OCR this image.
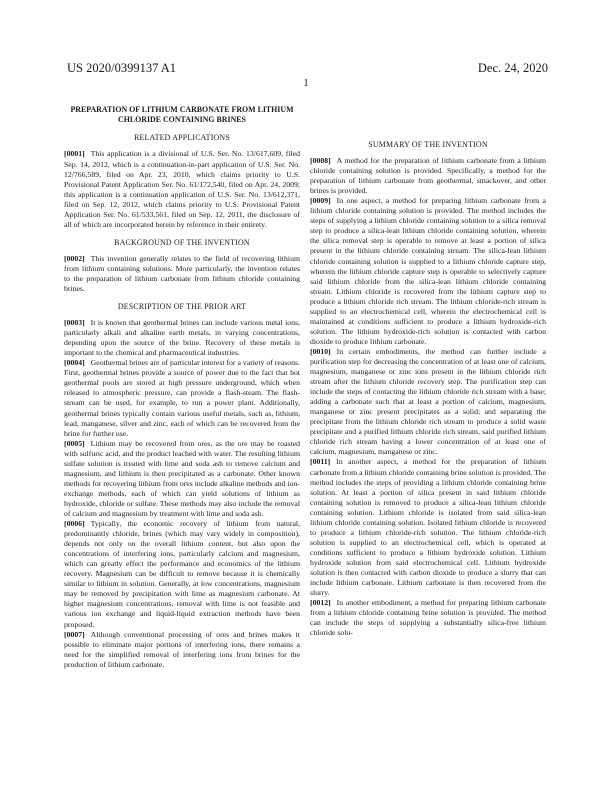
US 2020/0399137 A1	Dec. 24, 2020
1

PREPARATION OF LITHIUM CARBONATE FROM LITHIUM CHLORIDE CONTAINING BRINES

RELATED APPLICATIONS

[0001] This application is a divisional of U.S. Ser. No. 13/617,609, filed Sep. 14, 2012, which is a continuation-in-part application of U.S. Ser. No. 12/766,589, filed on Apr. 23, 2010, which claims priority to U.S. Provisional Patent Application Ser. No. 61/172,540, filed on Apr. 24, 2009; this application is a continuation application of U.S. Ser. No. 13/612,371, filed on Sep. 12, 2012, which claims priority to U.S. Provisional Patent Application Ser. No. 61/533,561, filed on Sep. 12, 2011, the disclosure of all of which are incorporated herein by reference in their entirety.

BACKGROUND OF THE INVENTION

[0002] This invention generally relates to the field of recovering lithium from lithium containing solutions. More particularly, the invention relates to the preparation of lithium carbonate from lithium chloride containing brines.

DESCRIPTION OF THE PRIOR ART

[0003] It is known that geothermal brines can include various metal ions, particularly alkali and alkaline earth metals, in varying concentrations, depending upon the source of the brine. Recovery of these metals is important to the chemical and pharmaceutical industries.

[0004] Geothermal brines are of particular interest for a variety of reasons. First, geothermal brines provide a source of power due to the fact that hot geothermal pools are stored at high pressure underground, which when released to atmospheric pressure, can provide a flash-steam. The flash-stream can be used, for example, to run a power plant. Additionally, geothermal brines typically contain various useful metals, such as, lithium, lead, manganese, silver and zinc, each of which can be recovered from the brine for further use.

[0005] Lithium may be recovered from ores, as the ore may be roasted with sulfuric acid, and the product leached with water. The resulting lithium sulfate solution is treated with lime and soda ash to remove calcium and magnesium, and lithium is then precipitated as a carbonate. Other known methods for recovering lithium from ores include alkaline methods and ion-exchange methods, each of which can yield solutions of lithium as hydroxide, chloride or sulfate. These methods may also include the removal of calcium and magnesium by treatment with lime and soda ash.

[0006] Typically, the economic recovery of lithium from natural, predominantly chloride, brines (which may vary widely in composition), depends not only on the overall lithium content, but also upon the concentrations of interfering ions, particularly calcium and magnesium, which can greatly effect the performance and economics of the lithium recovery. Magnesium can be difficult to remove because it is chemically similar to lithium in solution. Generally, at low concentrations, magnesium may be removed by precipitation with lime as magnesium carbonate. At higher magnesium concentrations, removal with lime is not feasible and various ion exchange and liquid-liquid extraction methods have been proposed.

[0007] Although conventional processing of ores and brines makes it possible to eliminate major portions of interfering ions, there remains a need for the simplified removal of interfering ions from brines for the production of lithium carbonate.

SUMMARY OF THE INVENTION

[0008] A method for the preparation of lithium carbonate from a lithium chloride containing solution is provided. Specifically, a method for the preparation of lithium carbonate from geothermal, smackover, and other brines is provided.

[0009] In one aspect, a method for preparing lithium carbonate from a lithium chloride containing solution is provided. The method includes the steps of supplying a lithium chloride containing solution to a silica removal step to produce a silica-lean lithium chloride containing solution, wherein the silica removal step is operable to remove at least a portion of silica present in the lithium chloride containing stream. The silica-lean lithium chloride containing solution is supplied to a lithium chloride capture step, wherein the lithium chloride capture step is operable to selectively capture said lithium chloride from the silica-lean lithium chloride containing stream. Lithium chloride is recovered from the lithium capture step to produce a lithium chloride rich stream. The lithium chloride-rich stream is supplied to an electrochemical cell, wherein the electrochemical cell is maintained at conditions sufficient to produce a lithium hydroxide-rich solution. The lithium hydroxide-rich solution is contacted with carbon dioxide to produce lithium carbonate.

[0010] In certain embodiments, the method can further include a purification step for decreasing the concentration of at least one of calcium, magnesium, manganese or zinc ions present in the lithium chloride rich stream after the lithium chloride recovery step. The purification step can include the steps of contacting the lithium chloride rich stream with a base; adding a carbonate such that at least a portion of calcium, magnesium, manganese or zinc present precipitates as a solid; and separating the precipitate from the lithium chloride rich stream to produce a solid waste precipitate and a purified lithium chloride rich stream, said purified lithium chloride rich stream having a lower concentration of at least one of calcium, magnesium, manganese or zinc.

[0011] In another aspect, a method for the preparation of lithium carbonate from a lithium chloride containing brine solution is provided. The method includes the steps of providing a lithium chloride containing brine solution. At least a portion of silica present in said lithium chloride containing solution is removed to produce a silica-lean lithium chloride containing solution. Lithium chloride is isolated from said silica-lean lithium chloride containing solution. Isolated lithium chloride is recovered to produce a lithium chloride-rich solution. The lithium chloride-rich solution is supplied to an electrochemical cell, which is operated at conditions sufficient to produce a lithium hydroxide solution. Lithium hydroxide solution from said electrochemical cell. Lithium hydroxide solution is then contacted with carbon dioxide to produce a slurry that can include lithium carbonate. Lithium carbonate is then recovered from the slurry.

[0012] In another embodiment, a method for preparing lithium carbonate from a lithium chloride containing brine solution is provided. The method can include the steps of supplying a substantially silica-free lithium chloride solu-
